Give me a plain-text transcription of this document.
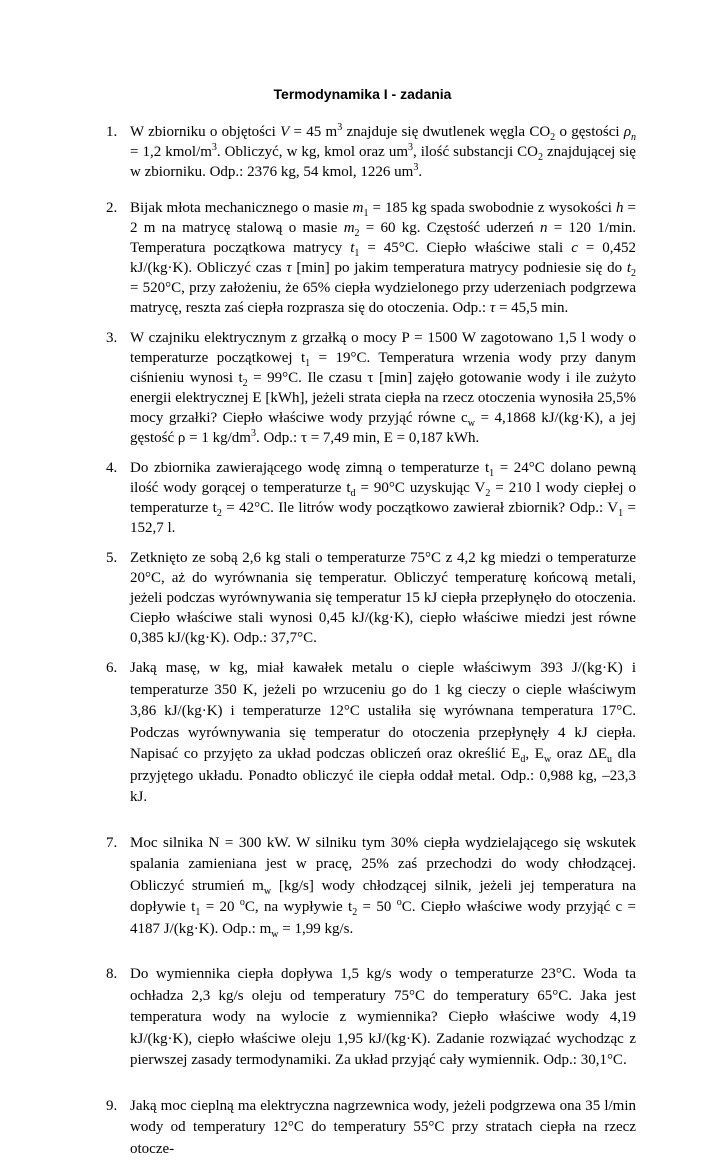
Termodynamika I - zadania
1. W zbiorniku o objętości V = 45 $m^3$ znajduje się dwutlenek węgla $CO_2$ o gęstości $\rho_n = 1,2$ kmol/$m^3$. Obliczyć, w kg, kmol oraz $um^3$, ilość substancji $CO_2$ znajdującej się w zbiorniku. Odp.: 2376 kg, 54 kmol, 1226 $um^3$.
2. Bijak młota mechanicznego o masie $m_1 = 185$ kg spada swobodnie z wysokości h = 2 m na matrycę stalową o masie $m_2 = 60$ kg. Częstość uderzeń n = 120 1/min. Temperatura początkowa matrycy $t_1 = 45^\circ C$. Ciepło właściwe stali c = 0,452 kJ/(kg·K). Obliczyć czas τ [min] po jakim temperatura matrycy podniesie się do $t_2 = 520^\circ C$, przy założeniu, że 65% ciepła wydzielonego przy uderzeniach podgrzewa matrycę, reszta zaś ciepła rozprasza się do otoczenia. Odp.: τ = 45,5 min.
3. W czajniku elektrycznym z grzałką o mocy P = 1500 W zagotowano 1,5 l wody o temperaturze początkowej $t_1 = 19^\circ C$. Temperatura wrzenia wody przy danym ciśnieniu wynosi $t_2 = 99^\circ C$. Ile czasu τ [min] zajęło gotowanie wody i ile zużyto energii elektrycznej E [kWh], jeżeli strata ciepła na rzecz otoczenia wynosiła 25,5% mocy grzałki? Ciepło właściwe wody przyjąć równe $c_w = 4,1868$ kJ/(kg·K), a jej gęstość ρ = 1 $kg/dm^3$. Odp.: τ = 7,49 min, E = 0,187 kWh.
4. Do zbiornika zawierającego wodę zimną o temperaturze $t_1 = 24^\circ C$ dolano pewną ilość wody gorącej o temperaturze $t_d = 90^\circ C$ uzyskując $V_2 = 210$ l wody ciepłej o temperaturze $t_2 = 42^\circ C$. Ile litrów wody początkowo zawierał zbiornik? Odp.: $V_1 = 152,7$ l.
5. Zetknięto ze sobą 2,6 kg stali o temperaturze 75°C z 4,2 kg miedzi o temperaturze 20°C, aż do wyrównania się temperatur. Obliczyć temperaturę końcową metali, jeżeli podczas wyrównywania się temperatur 15 kJ ciepła przepłynęło do otoczenia. Ciepło właściwe stali wynosi 0,45 kJ/(kg·K), ciepło właściwe miedzi jest równe 0,385 kJ/(kg·K). Odp.: 37,7°C.
6. Jaką masę, w kg, miał kawałek metalu o cieple właściwym 393 J/(kg·K) i temperaturze 350 K, jeżeli po wrzuceniu go do 1 kg cieczy o cieple właściwym 3,86 kJ/(kg·K) i temperaturze 12°C ustaliła się wyrównana temperatura 17°C. Podczas wyrównywania się temperatur do otoczenia przepłynęły 4 kJ ciepła. Napisać co przyjęto za układ podczas obliczeń oraz określić $E_d$, $E_w$ oraz $\Delta E_u$ dla przyjętego układu. Ponadto obliczyć ile ciepła oddał metal. Odp.: 0,988 kg, –23,3 kJ.
7. Moc silnika N = 300 kW. W silniku tym 30% ciepła wydzielającego się wskutek spalania zamieniana jest w pracę, 25% zaś przechodzi do wody chłodzącej. Obliczyć strumień $m_w$ [kg/s] wody chłodzącej silnik, jeżeli jej temperatura na dopływie $t_1 = 20$ $^o$C, na wypływie $t_2 = 50$ $^o$C. Ciepło właściwe wody przyjąć c = 4187 J/(kg·K). Odp.: $m_w = 1,99$ kg/s.
8. Do wymiennika ciepła dopływa 1,5 kg/s wody o temperaturze 23°C. Woda ta ochładza 2,3 kg/s oleju od temperatury 75°C do temperatury 65°C. Jaka jest temperatura wody na wylocie z wymiennika? Ciepło właściwe wody 4,19 kJ/(kg·K), ciepło właściwe oleju 1,95 kJ/(kg·K). Zadanie rozwiązać wychodząc z pierwszej zasady termodynamiki. Za układ przyjąć cały wymiennik. Odp.: 30,1°C.
9. Jaką moc cieplną ma elektryczna nagrzewnica wody, jeżeli podgrzewa ona 35 l/min wody od temperatury 12°C do temperatury 55°C przy stratach ciepła na rzecz otocze-
